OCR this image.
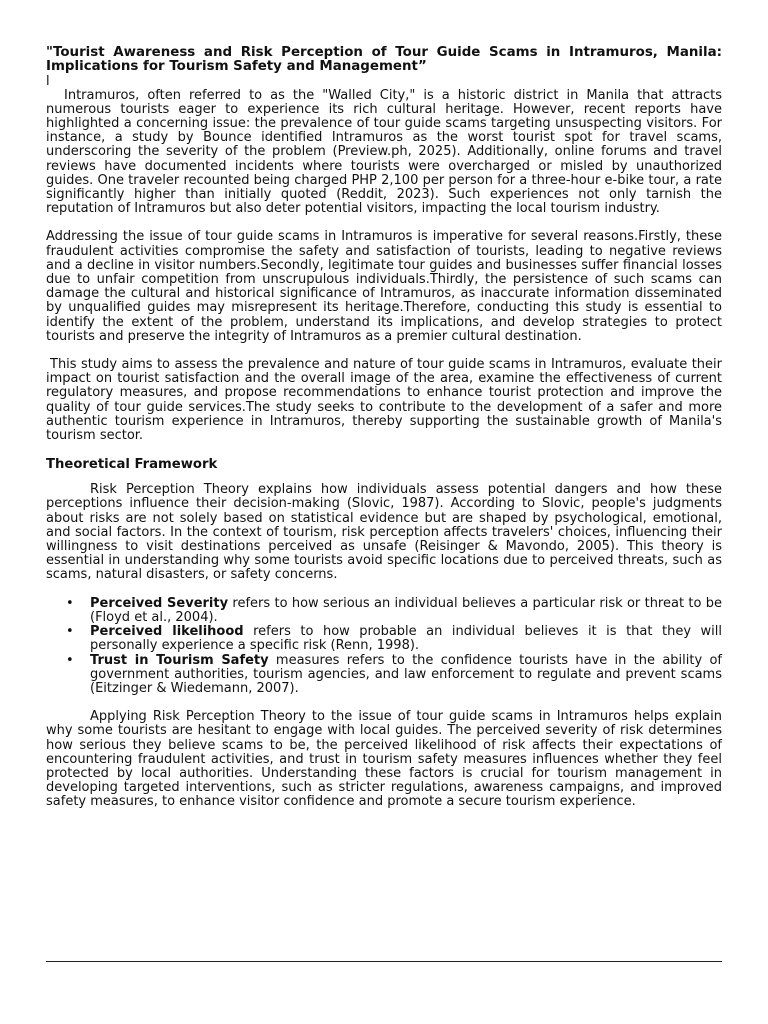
"Tourist Awareness and Risk Perception of Tour Guide Scams in Intramuros, Manila: Implications for Tourism Safety and Management”

l

Intramuros, often referred to as the "Walled City," is a historic district in Manila that attracts numerous tourists eager to experience its rich cultural heritage. However, recent reports have highlighted a concerning issue: the prevalence of tour guide scams targeting unsuspecting visitors. For instance, a study by Bounce identified Intramuros as the worst tourist spot for travel scams, underscoring the severity of the problem (Preview.ph, 2025). Additionally, online forums and travel reviews have documented incidents where tourists were overcharged or misled by unauthorized guides. One traveler recounted being charged PHP 2,100 per person for a three-hour e-bike tour, a rate significantly higher than initially quoted (Reddit, 2023). Such experiences not only tarnish the reputation of Intramuros but also deter potential visitors, impacting the local tourism industry.

Addressing the issue of tour guide scams in Intramuros is imperative for several reasons.Firstly, these fraudulent activities compromise the safety and satisfaction of tourists, leading to negative reviews and a decline in visitor numbers.Secondly, legitimate tour guides and businesses suffer financial losses due to unfair competition from unscrupulous individuals.Thirdly, the persistence of such scams can damage the cultural and historical significance of Intramuros, as inaccurate information disseminated by unqualified guides may misrepresent its heritage.Therefore, conducting this study is essential to identify the extent of the problem, understand its implications, and develop strategies to protect tourists and preserve the integrity of Intramuros as a premier cultural destination.

This study aims to assess the prevalence and nature of tour guide scams in Intramuros, evaluate their impact on tourist satisfaction and the overall image of the area, examine the effectiveness of current regulatory measures, and propose recommendations to enhance tourist protection and improve the quality of tour guide services.The study seeks to contribute to the development of a safer and more authentic tourism experience in Intramuros, thereby supporting the sustainable growth of Manila's tourism sector.

Theoretical Framework

Risk Perception Theory explains how individuals assess potential dangers and how these perceptions influence their decision-making (Slovic, 1987). According to Slovic, people's judgments about risks are not solely based on statistical evidence but are shaped by psychological, emotional, and social factors. In the context of tourism, risk perception affects travelers' choices, influencing their willingness to visit destinations perceived as unsafe (Reisinger & Mavondo, 2005). This theory is essential in understanding why some tourists avoid specific locations due to perceived threats, such as scams, natural disasters, or safety concerns.

• Perceived Severity refers to how serious an individual believes a particular risk or threat to be (Floyd et al., 2004).
• Perceived likelihood refers to how probable an individual believes it is that they will personally experience a specific risk (Renn, 1998).
• Trust in Tourism Safety measures refers to the confidence tourists have in the ability of government authorities, tourism agencies, and law enforcement to regulate and prevent scams (Eitzinger & Wiedemann, 2007).

Applying Risk Perception Theory to the issue of tour guide scams in Intramuros helps explain why some tourists are hesitant to engage with local guides. The perceived severity of risk determines how serious they believe scams to be, the perceived likelihood of risk affects their expectations of encountering fraudulent activities, and trust in tourism safety measures influences whether they feel protected by local authorities. Understanding these factors is crucial for tourism management in developing targeted interventions, such as stricter regulations, awareness campaigns, and improved safety measures, to enhance visitor confidence and promote a secure tourism experience.
